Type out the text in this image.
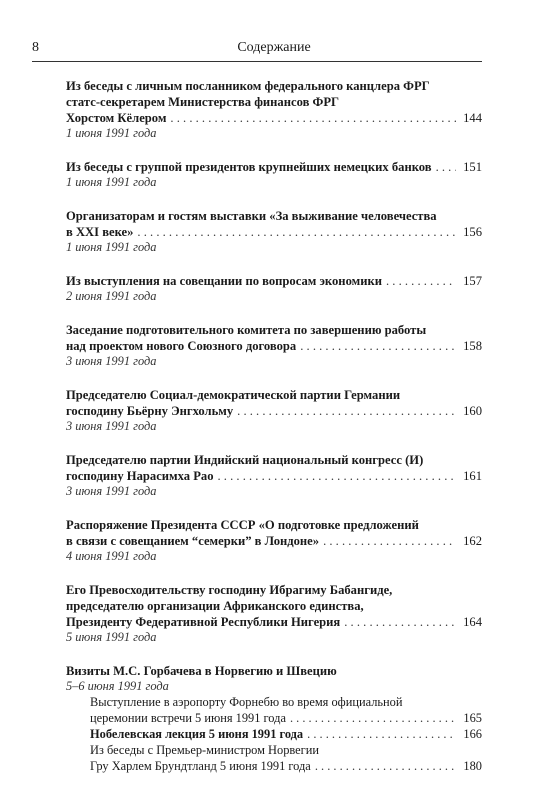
8	Содержание
Из беседы с личным посланником федерального канцлера ФРГ
статс-секретарем Министерства финансов ФРГ
Хорстом Кёлером . . .	144
1 июня 1991 года
Из беседы с группой президентов крупнейших немецких банков . . .	151
1 июня 1991 года
Организаторам и гостям выставки «За выживание человечества
в XXI веке» . . .	156
1 июня 1991 года
Из выступления на совещании по вопросам экономики . . .	157
2 июня 1991 года
Заседание подготовительного комитета по завершению работы
над проектом нового Союзного договора . . .	158
3 июня 1991 года
Председателю Социал-демократической партии Германии
господину Бьёрну Энгхольму . . .	160
3 июня 1991 года
Председателю партии Индийский национальный конгресс (И)
господину Нарасимха Рао . . .	161
3 июня 1991 года
Распоряжение Президента СССР «О подготовке предложений
в связи с совещанием “семерки” в Лондоне» . . .	162
4 июня 1991 года
Его Превосходительству господину Ибрагиму Бабангиде,
председателю организации Африканского единства,
Президенту Федеративной Республики Нигерия . . .	164
5 июня 1991 года
Визиты М.С. Горбачева в Норвегию и Швецию
5–6 июня 1991 года
Выступление в аэропорту Форнебю во время официальной
церемонии встречи 5 июня 1991 года . . .	165
Нобелевская лекция 5 июня 1991 года . . .	166
Из беседы с Премьер-министром Норвегии
Гру Харлем Брундтланд 5 июня 1991 года . . .	180
